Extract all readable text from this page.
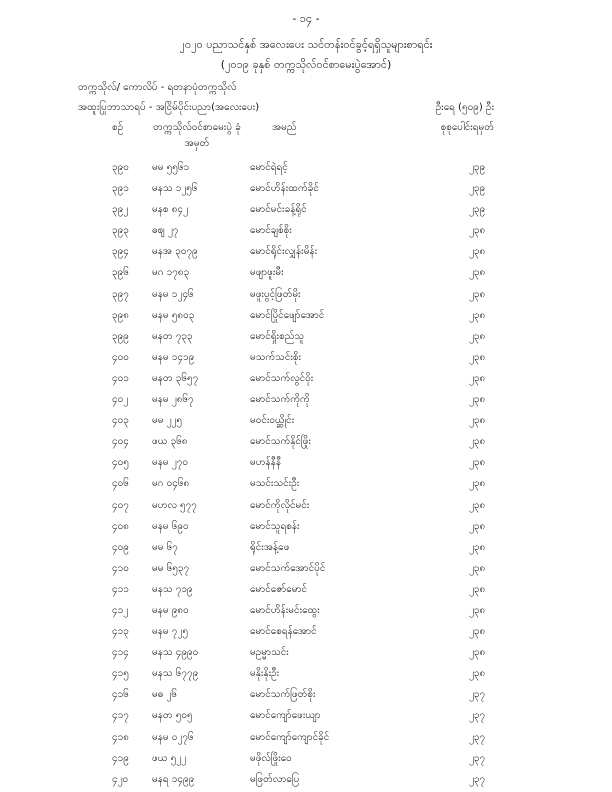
- ၁၄ -
၂၀၂၀ ပညာသင်နှစ် အလေးပေး သင်တန်းဝင်ခွင့်ရရှိသူများစာရင်း
(၂၀၁၉ ခုနှစ် တက္ကသိုလ်ဝင်စာမေးပွဲအောင်)
တက္ကသိုလ်/ ကောလိပ် - ရတနာပုံတက္ကသိုလ်
အထူးပြုဘာသာရပ် - အငြိမ်ပိုင်းပညာ(အလေးပေး)	ဦးရေ (၅၀၉) ဦး
စဉ်	တက္ကသိုလ်ဝင်စာမေးပွဲ ခုံအမှတ်
အမည်	စုစုပေါင်းရမှတ်
၃၉၀ မမ ၅၅၆၁	မောင်ရဲရင့်	၂၃၉
၃၉၁ မနသ ၁၂၅၆	မောင်ဟိန်းထက်ခိုင်	၂၃၉
၃၉၂ မနစ ၈၄၂	မောင်မင်းခန့်ရိုင်	၂၃၉
၃၉၃ ဓဈ ၂၇	မောင်ချစ်စိုး	၂၃၈
၃၉၄ မနအ ၃၀၇၉	မောင်ရိုင်းလျှန်းမိန်း	၂၃၈
၃၉၆ မဂ ၁၇၈၃	မဖျာဖူးမီး	၂၃၈
၃၉၇ မနမ ၁၂၄၆	မဖူးပွင့်ဖြတ်မိုး	၂၃၈
၃၉၈ မနမ ၅၈၀၃	မောင်ပြိုင်ဖျော်အောင်	၂၃၈
၃၉၉ မနတ ၇၃၃	မောင်ရှိုးစည်သူ	၂၃၈
၄၀၀ မနမ ၁၄၁၉	မသက်သင်းစိုး	၂၃၈
၄၀၁ မနတ ၃၆၅၇	မောင်သက်လွင်ဝိုး	၂၃၈
၄၀၂ မနမ ၂၈၆၇	မောင်သက်ကိုကို	၂၃၈
၄၀၃ မမ ၂၂၅	မဝင်းဝယ္ဆိုင်း	၂၃၈
၄၀၄ ဖယ ၃၆၈	မောင်သက်နိုင်ဖြိုး	၂၃၈
၄၀၅ မနမ ၂၇၀	မဟန်နီနီ	၂၃၈
၄၀၆ မဂ ၀၄၆၈	မသင်းသင်းဦး	၂၃၈
၄၀၇ မဟလ ၅၇၇	မောင်ကိုလိုင်မင်း	၂၃၈
၄၀၈ မနမ ၆၉၀	မောင်သူရစန်း	၂၃၈
၄၀၉ မမ ၆၇	ရိုင်းအန့်ဖေ	၂၃၈
၄၁၀ မမ ၆၅၃၇	မောင်သက်အောင်ပိုင်	၂၃၈
၄၁၁ မနသ ၇၁၉	မောင်ဇော်မောင်	၂၃၈
၄၁၂ မနမ ၉၈၀	မောင်ဟိန်းမင်းထွေး	၂၃၈
၄၁၃ မနမ ၇၂၅	မောင်စေရန်အောင်	၂၃၈
၄၁၄ မနသ ၄၉၉၀	မဥမ္မာသင်း	၂၃၈
၄၁၅ မနသ ၆၇၇၉	မနိုးနိုးဦး	၂၃၈
၄၁၆ မဓ ၂၆	မောင်သက်ဖြတ်စိုး	၂၃၇
၄၁၇ မနတ ၅၀၅	မောင်ကျော်ဖေးယျာ	၂၃၇
၄၁၈ မနမ ၀၂၇၆	မောင်ကျော်ကျောင်ခိုင်	၂၃၇
၄၁၉ ဖယ ၅၂၂	မဖိုလ်ဖြိုးဝေ	၂၃၇
၄၂၀ မနရ ၁၄၉၉	မဖြတ်လာပြေ	၂၃၇
